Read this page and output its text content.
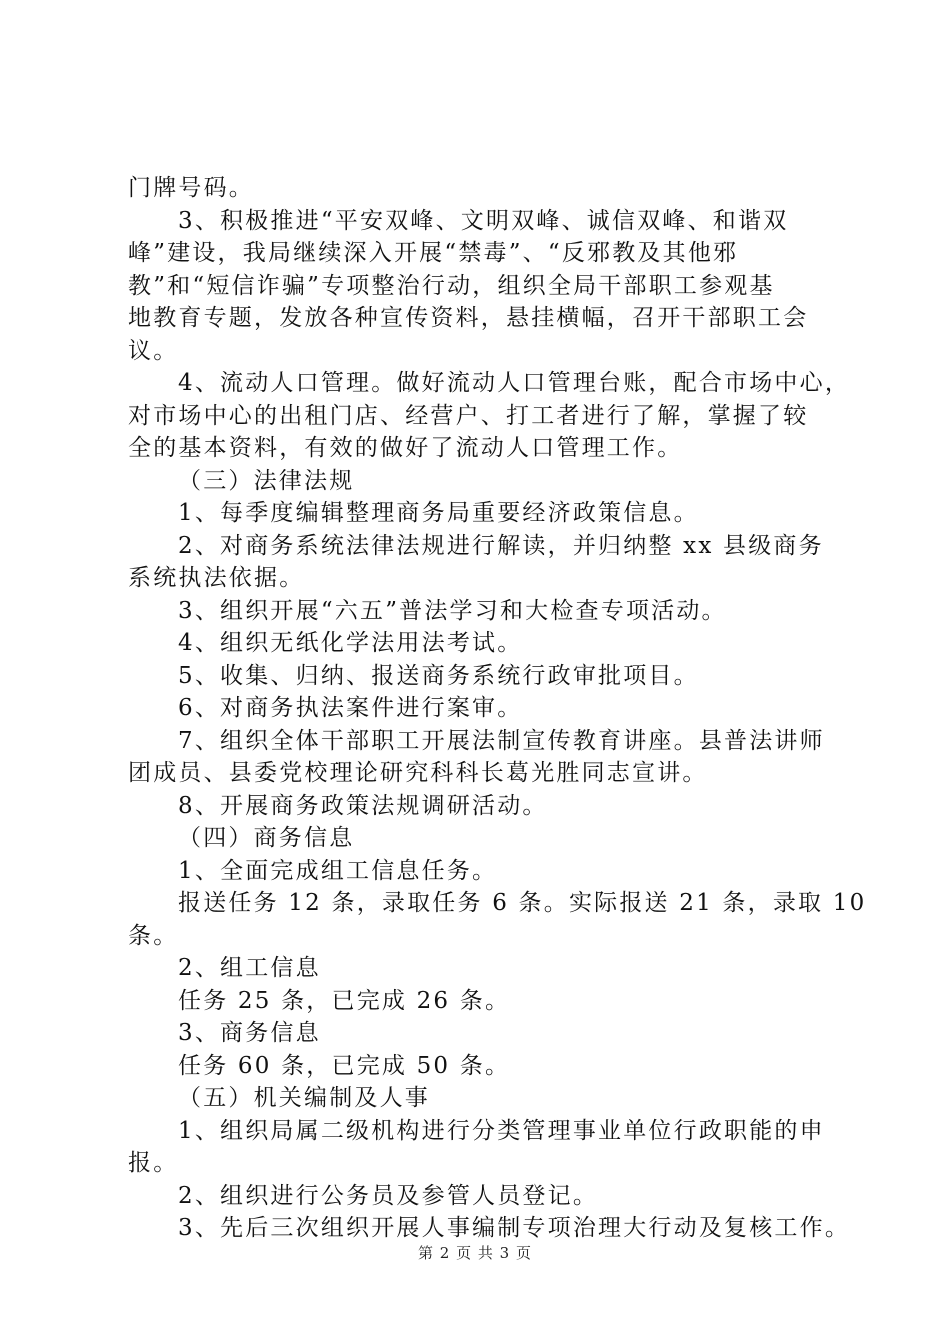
门牌号码。
3、积极推进“平安双峰、文明双峰、诚信双峰、和谐双
峰”建设，我局继续深入开展“禁毒”、“反邪教及其他邪
教”和“短信诈骗”专项整治行动，组织全局干部职工参观基
地教育专题，发放各种宣传资料，悬挂横幅，召开干部职工会
议。
4、流动人口管理。做好流动人口管理台账，配合市场中心，
对市场中心的出租门店、经营户、打工者进行了解，掌握了较
全的基本资料，有效的做好了流动人口管理工作。
（三）法律法规
1、每季度编辑整理商务局重要经济政策信息。
2、对商务系统法律法规进行解读，并归纳整 xx 县级商务
系统执法依据。
3、组织开展“六五”普法学习和大检查专项活动。
4、组织无纸化学法用法考试。
5、收集、归纳、报送商务系统行政审批项目。
6、对商务执法案件进行案审。
7、组织全体干部职工开展法制宣传教育讲座。县普法讲师
团成员、县委党校理论研究科科长葛光胜同志宣讲。
8、开展商务政策法规调研活动。
（四）商务信息
1、全面完成组工信息任务。
报送任务 12 条，录取任务 6 条。实际报送 21 条，录取 10
条。
2、组工信息
任务 25 条，已完成 26 条。
3、商务信息
任务 60 条，已完成 50 条。
（五）机关编制及人事
1、组织局属二级机构进行分类管理事业单位行政职能的申
报。
2、组织进行公务员及参管人员登记。
3、先后三次组织开展人事编制专项治理大行动及复核工作。
第 2 页 共 3 页
